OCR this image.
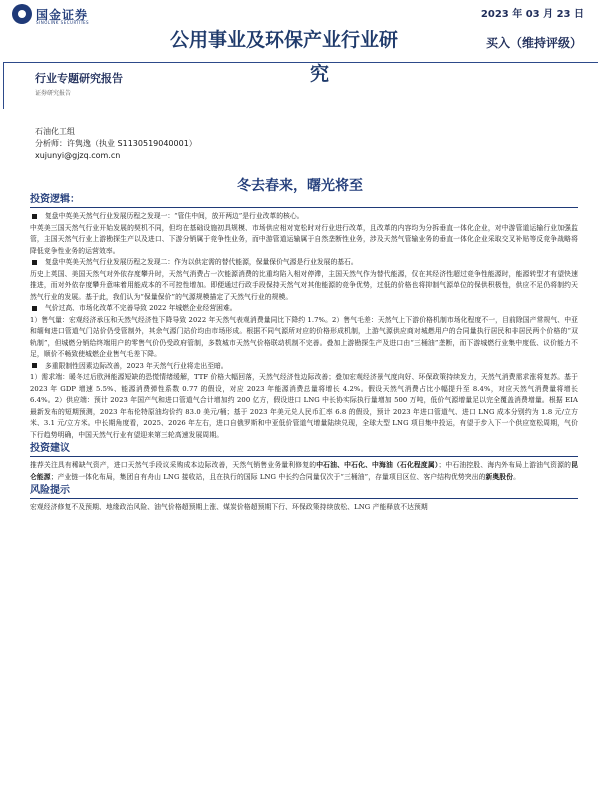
国金证券
SINOLINK SECURITIES
2023 年 03 月 23 日
公用事业及环保产业行业研
究
买入（维持评级）
行业专题研究报告
证券研究报告
石油化工组
分析师：许隽逸（执业 S1130519040001）
xujunyi@gjzq.com.cn
冬去春来，曙光将至
投资逻辑：

复盘中英美天然气行业发展历程之发现一：“管住中间，放开两边”是行业改革的核心。

中英美三国天然气行业开始发展的契机不同，但均在基础设施初具规模、市场供应相对宽松时对行业进行改革，且改革的内容均为分拆垂直一体化企业，对中游管道运输行业加强监管，主国天然气行业上游勘探生产以及进口、下游分销属于竞争性业务，而中游管道运输属于自然垄断性业务，涉及天然气管输业务的垂直一体化企业采取交叉补贴等反竞争战略将降低竞争性业务的运营效率。

复盘中英美天然气行业发展历程之发现二：作为以供定需的替代能源，保量保价气源是行业发展的基石。

历史上英国、美国天然气对外依存度攀升时，天然气消费占一次能源消费的比重均陷入相对停滞，主国天然气作为替代能源，仅在其经济性超过竞争性能源时，能源转型才有望快速推进，而对外依存度攀升意味着用能成本的不可控性增加。即便通过行政手段保持天然气对其他能源的竞争优势，过低的价格也将抑制气源单位的保供积极性，供应不足仍将制约天然气行业的发展。基于此，我们认为“保量保价”的气源规模描定了天然气行业的规模。

气价过高、市场化改革不完善导致 2022 年城燃企业经营困难。

1）售气量：宏观经济承压和天然气经济性下降导致 2022 年天然气表观消费量同比下降约 1.7%。2）售气毛差：天然气上下游价格机制市场化程度不一，目前除国产常规气、中亚和缅甸进口管道气门站价仍受管制外，其余气源门站价均由市场形成。根据不同气源所对应的价格形成机制，上游气源供应商对城燃用户的合同量执行居民和非居民两个价格的“双轨制”，但城燃分销给终端用户的零售气价仍受政府管制，多数城市天然气价格联动机制不完善。叠加上游勘探生产及进口由“三桶油”垄断，而下游城燃行业集中度低、议价能力不足，顺价不畅致使城燃企业售气毛差下降。

多重限制性因素边际改善，2023 年天然气行业将走出至暗。

1）需求端：暖冬过后欧洲能源短缺的恐慌情绪缓解，TTF 价格大幅回落，天然气经济性边际改善；叠加宏观经济景气度向好、环保政策持续发力，天然气消费需求涨将复苏。基于 2023 年 GDP 增速 5.5%、能源消费弹性系数 0.77 的假设，对应 2023 年能源消费总量将增长 4.2%。假设天然气消费占比小幅提升至 8.4%，对应天然气消费量将增长 6.4%。2）供应端：预计 2023 年国产气和进口管道气合计增加约 200 亿方，假设进口 LNG 中长协实际执行量增加 500 万吨，低价气源增量足以完全覆盖消费增量。根据 EIA 最新发布的短期预测，2023 年布伦特原油均价约 83.0 美元/桶；基于 2023 年美元兑人民币汇率 6.8 的假设，预计 2023 年进口管道气、进口 LNG 成本分别约为 1.8 元/立方米、3.1 元/立方米。中长期角度看，2025、2026 年左右，进口自俄罗斯和中亚低价管道气增量陆续兑现，全球大型 LNG 项目集中投运，有望于步入下一个供应宽松周期，气价下行趋势明确，中国天然气行业有望迎来第三轮高速发展周期。

投资建议

推荐关注具有稀缺气资产，进口天然气手段议采购成本边际改善，天然气销售业务量利修复的中石油、中石化、中海油（石化程度属）；中石油控股、海内外布局上游油气资源的昆仑能源；产业链一体化布局，集团自有舟山 LNG 接收站，且在执行的国际 LNG 中长约合同量仅次于“三桶油”，存量项目区位、客户结构优势突出的新奥股份。

风险提示

宏观经济修复不及预期、地缘政治风险、油气价格超预期上涨、煤炭价格超预期下行、环保政策持续放松、LNG 产能释放不达预期
